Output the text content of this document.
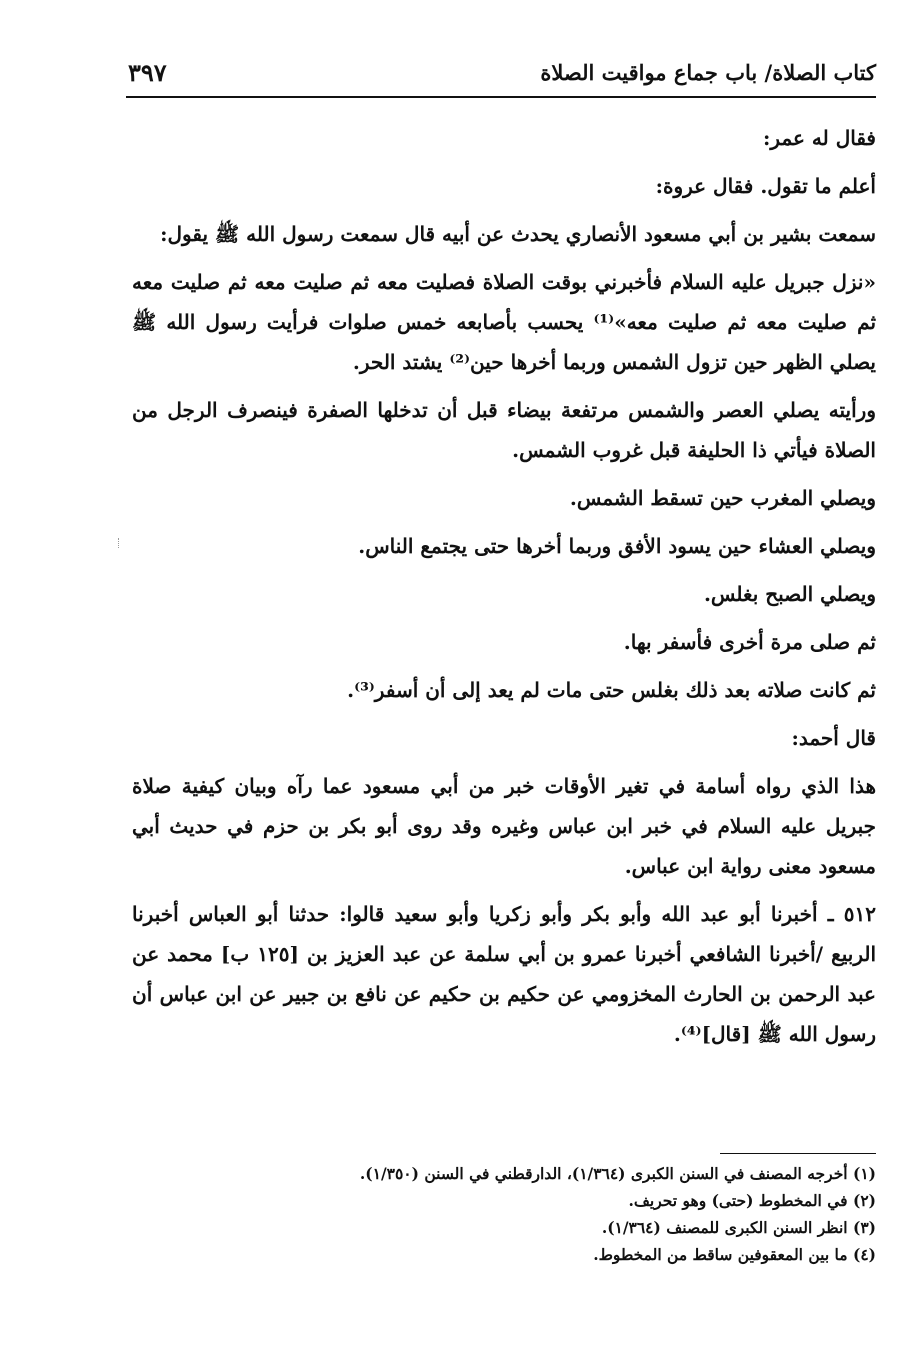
كتاب الصلاة/ باب جماع مواقيت الصلاة
٣٩٧

فقال له عمر:

أعلم ما تقول. فقال عروة:

سمعت بشير بن أبي مسعود الأنصاري يحدث عن أبيه قال سمعت رسول الله ﷺ يقول:

«نزل جبريل عليه السلام فأخبرني بوقت الصلاة فصليت معه ثم صليت معه ثم صليت معه ثم صليت معه ثم صليت معه»⁽¹⁾ يحسب بأصابعه خمس صلوات فرأيت رسول الله ﷺ يصلي الظهر حين تزول الشمس وربما أخرها حين⁽²⁾ يشتد الحر.

ورأيته يصلي العصر والشمس مرتفعة بيضاء قبل أن تدخلها الصفرة فينصرف الرجل من الصلاة فيأتي ذا الحليفة قبل غروب الشمس.

ويصلي المغرب حين تسقط الشمس.

ويصلي العشاء حين يسود الأفق وربما أخرها حتى يجتمع الناس.

ويصلي الصبح بغلس.

ثم صلى مرة أخرى فأسفر بها.

ثم كانت صلاته بعد ذلك بغلس حتى مات لم يعد إلى أن أسفر⁽³⁾.

قال أحمد:

هذا الذي رواه أسامة في تغير الأوقات خبر من أبي مسعود عما رآه وبيان كيفية صلاة جبريل عليه السلام في خبر ابن عباس وغيره وقد روى أبو بكر بن حزم في حديث أبي مسعود معنى رواية ابن عباس.

٥١٢ ـ أخبرنا أبو عبد الله وأبو بكر وأبو زكريا وأبو سعيد قالوا: حدثنا أبو العباس أخبرنا الربيع /أخبرنا الشافعي أخبرنا عمرو بن أبي سلمة عن عبد العزيز بن [١٢٥ ب] محمد عن عبد الرحمن بن الحارث المخزومي عن حكيم بن حكيم عن نافع بن جبير عن ابن عباس أن رسول الله ﷺ [قال]⁽⁴⁾.

(١) أخرجه المصنف في السنن الكبرى (١/٣٦٤)، الدارقطني في السنن (١/٣٥٠).
(٢) في المخطوط (حتى) وهو تحريف.
(٣) انظر السنن الكبرى للمصنف (١/٣٦٤).
(٤) ما بين المعقوفين ساقط من المخطوط.
